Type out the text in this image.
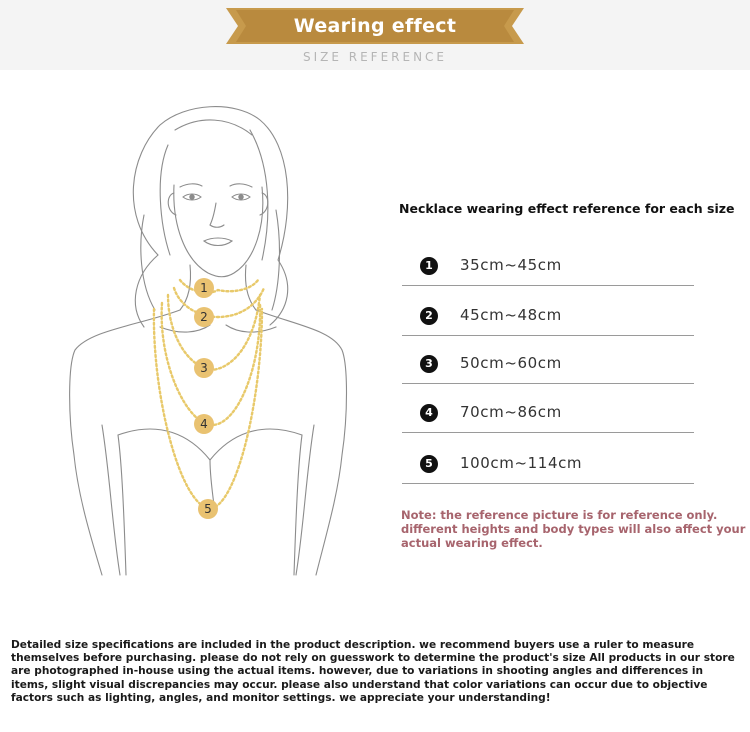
Wearing effect
SIZE REFERENCE
1
2
3
4
5
Necklace wearing effect reference for each size
1	35cm~45cm
2	45cm~48cm
3	50cm~60cm
4	70cm~86cm
5	100cm~114cm
Note: the reference picture is for reference only. different heights and body types will also affect your actual wearing effect.
Detailed size specifications are included in the product description. we recommend buyers use a ruler to measure themselves before purchasing. please do not rely on guesswork to determine the product's size All products in our store are photographed in-house using the actual items. however, due to variations in shooting angles and differences in items, slight visual discrepancies may occur. please also understand that color variations can occur due to objective factors such as lighting, angles, and monitor settings. we appreciate your understanding!
